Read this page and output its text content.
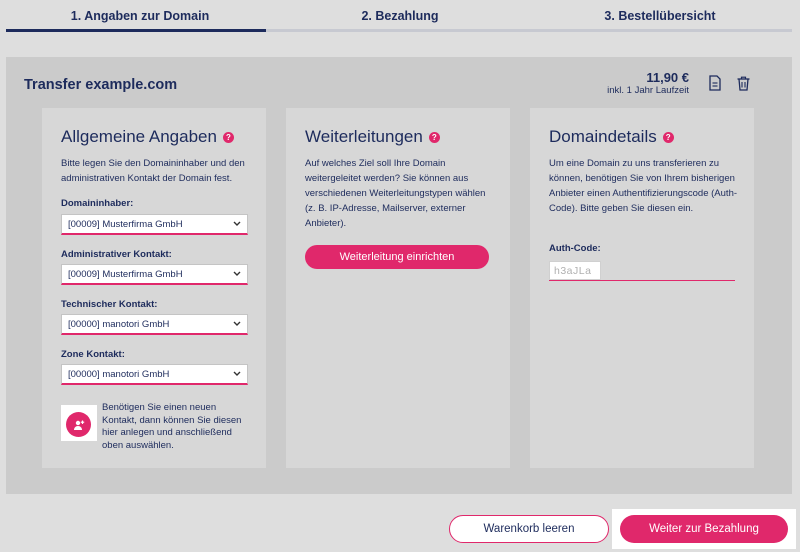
1. Angaben zur Domain	2. Bezahlung	3. Bestellübersicht
Transfer example.com	11,90 €
inkl. 1 Jahr Laufzeit
Allgemeine Angaben	?
Bitte legen Sie den Domaininhaber und den administrativen Kontakt der Domain fest.
Domaininhaber:
[00009] Musterfirma GmbH
Administrativer Kontakt:
[00009] Musterfirma GmbH
Technischer Kontakt:
[00000] manotori GmbH
Zone Kontakt:
[00000] manotori GmbH
Benötigen Sie einen neuen Kontakt, dann können Sie diesen hier anlegen und anschließend oben auswählen.
Weiterleitungen	?
Auf welches Ziel soll Ihre Domain weitergeleitet werden? Sie können aus verschiedenen Weiterleitungstypen wählen (z. B. IP-Adresse, Mailserver, externer Anbieter).
Weiterleitung einrichten
Domaindetails	?
Um eine Domain zu uns transferieren zu können, benötigen Sie von Ihrem bisherigen Anbieter einen Authentifizierungscode (Auth-Code). Bitte geben Sie diesen ein.
Auth-Code:
h3aJLa
Warenkorb leeren	Weiter zur Bezahlung
